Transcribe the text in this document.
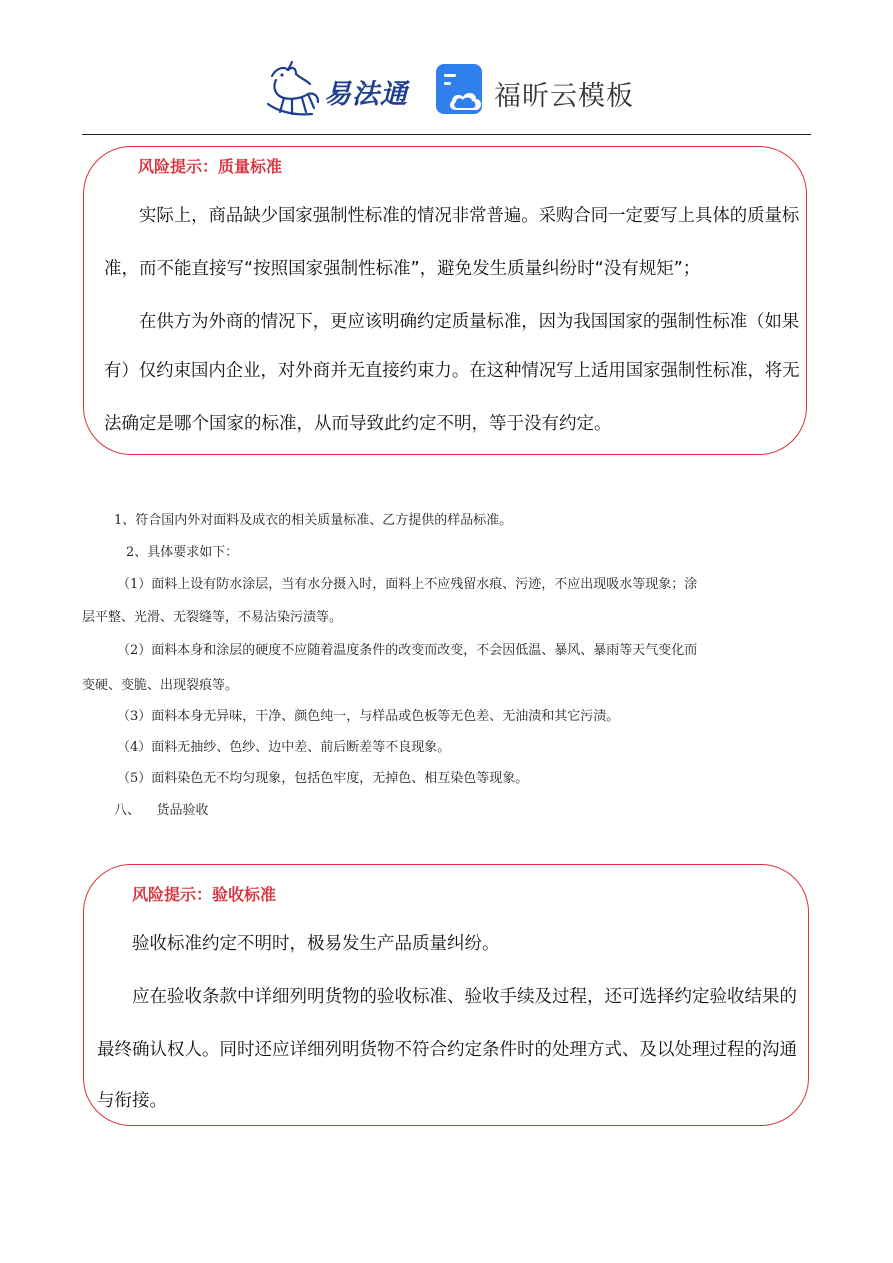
易法通	福昕云模板
风险提示：质量标准
实际上，商品缺少国家强制性标准的情况非常普遍。采购合同一定要写上具体的质量标
准，而不能直接写“按照国家强制性标准”，避免发生质量纠纷时“没有规矩”；
在供方为外商的情况下，更应该明确约定质量标准，因为我国国家的强制性标准（如果
有）仅约束国内企业，对外商并无直接约束力。在这种情况写上适用国家强制性标准，将无
法确定是哪个国家的标准，从而导致此约定不明，等于没有约定。
1、符合国内外对面料及成衣的相关质量标准、乙方提供的样品标准。
2、具体要求如下：
（1）面料上设有防水涂层，当有水分摄入时，面料上不应残留水痕、污迹，不应出现吸水等现象；涂
层平整、光滑、无裂缝等，不易沾染污渍等。
（2）面料本身和涂层的硬度不应随着温度条件的改变而改变，不会因低温、暴风、暴雨等天气变化而
变硬、变脆、出现裂痕等。
（3）面料本身无异味，干净、颜色纯一，与样品或色板等无色差、无油渍和其它污渍。
（4）面料无抽纱、色纱、边中差、前后断差等不良现象。
（5）面料染色无不均匀现象，包括色牢度，无掉色、相互染色等现象。
八、    货品验收
风险提示：验收标准
验收标准约定不明时，极易发生产品质量纠纷。
应在验收条款中详细列明货物的验收标准、验收手续及过程，还可选择约定验收结果的
最终确认权人。同时还应详细列明货物不符合约定条件时的处理方式、及以处理过程的沟通
与衔接。
